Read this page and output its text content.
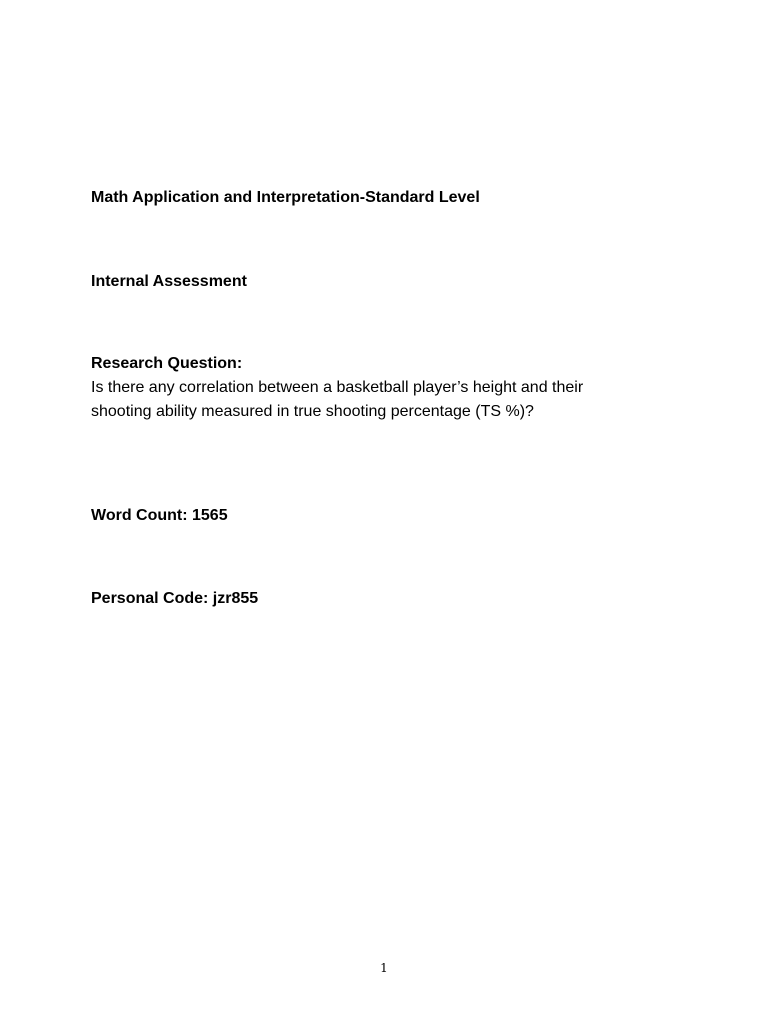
Math Application and Interpretation-Standard Level
Internal Assessment
Research Question:
Is there any correlation between a basketball player’s height and their
shooting ability measured in true shooting percentage (TS %)?
Word Count: 1565
Personal Code: jzr855
1
